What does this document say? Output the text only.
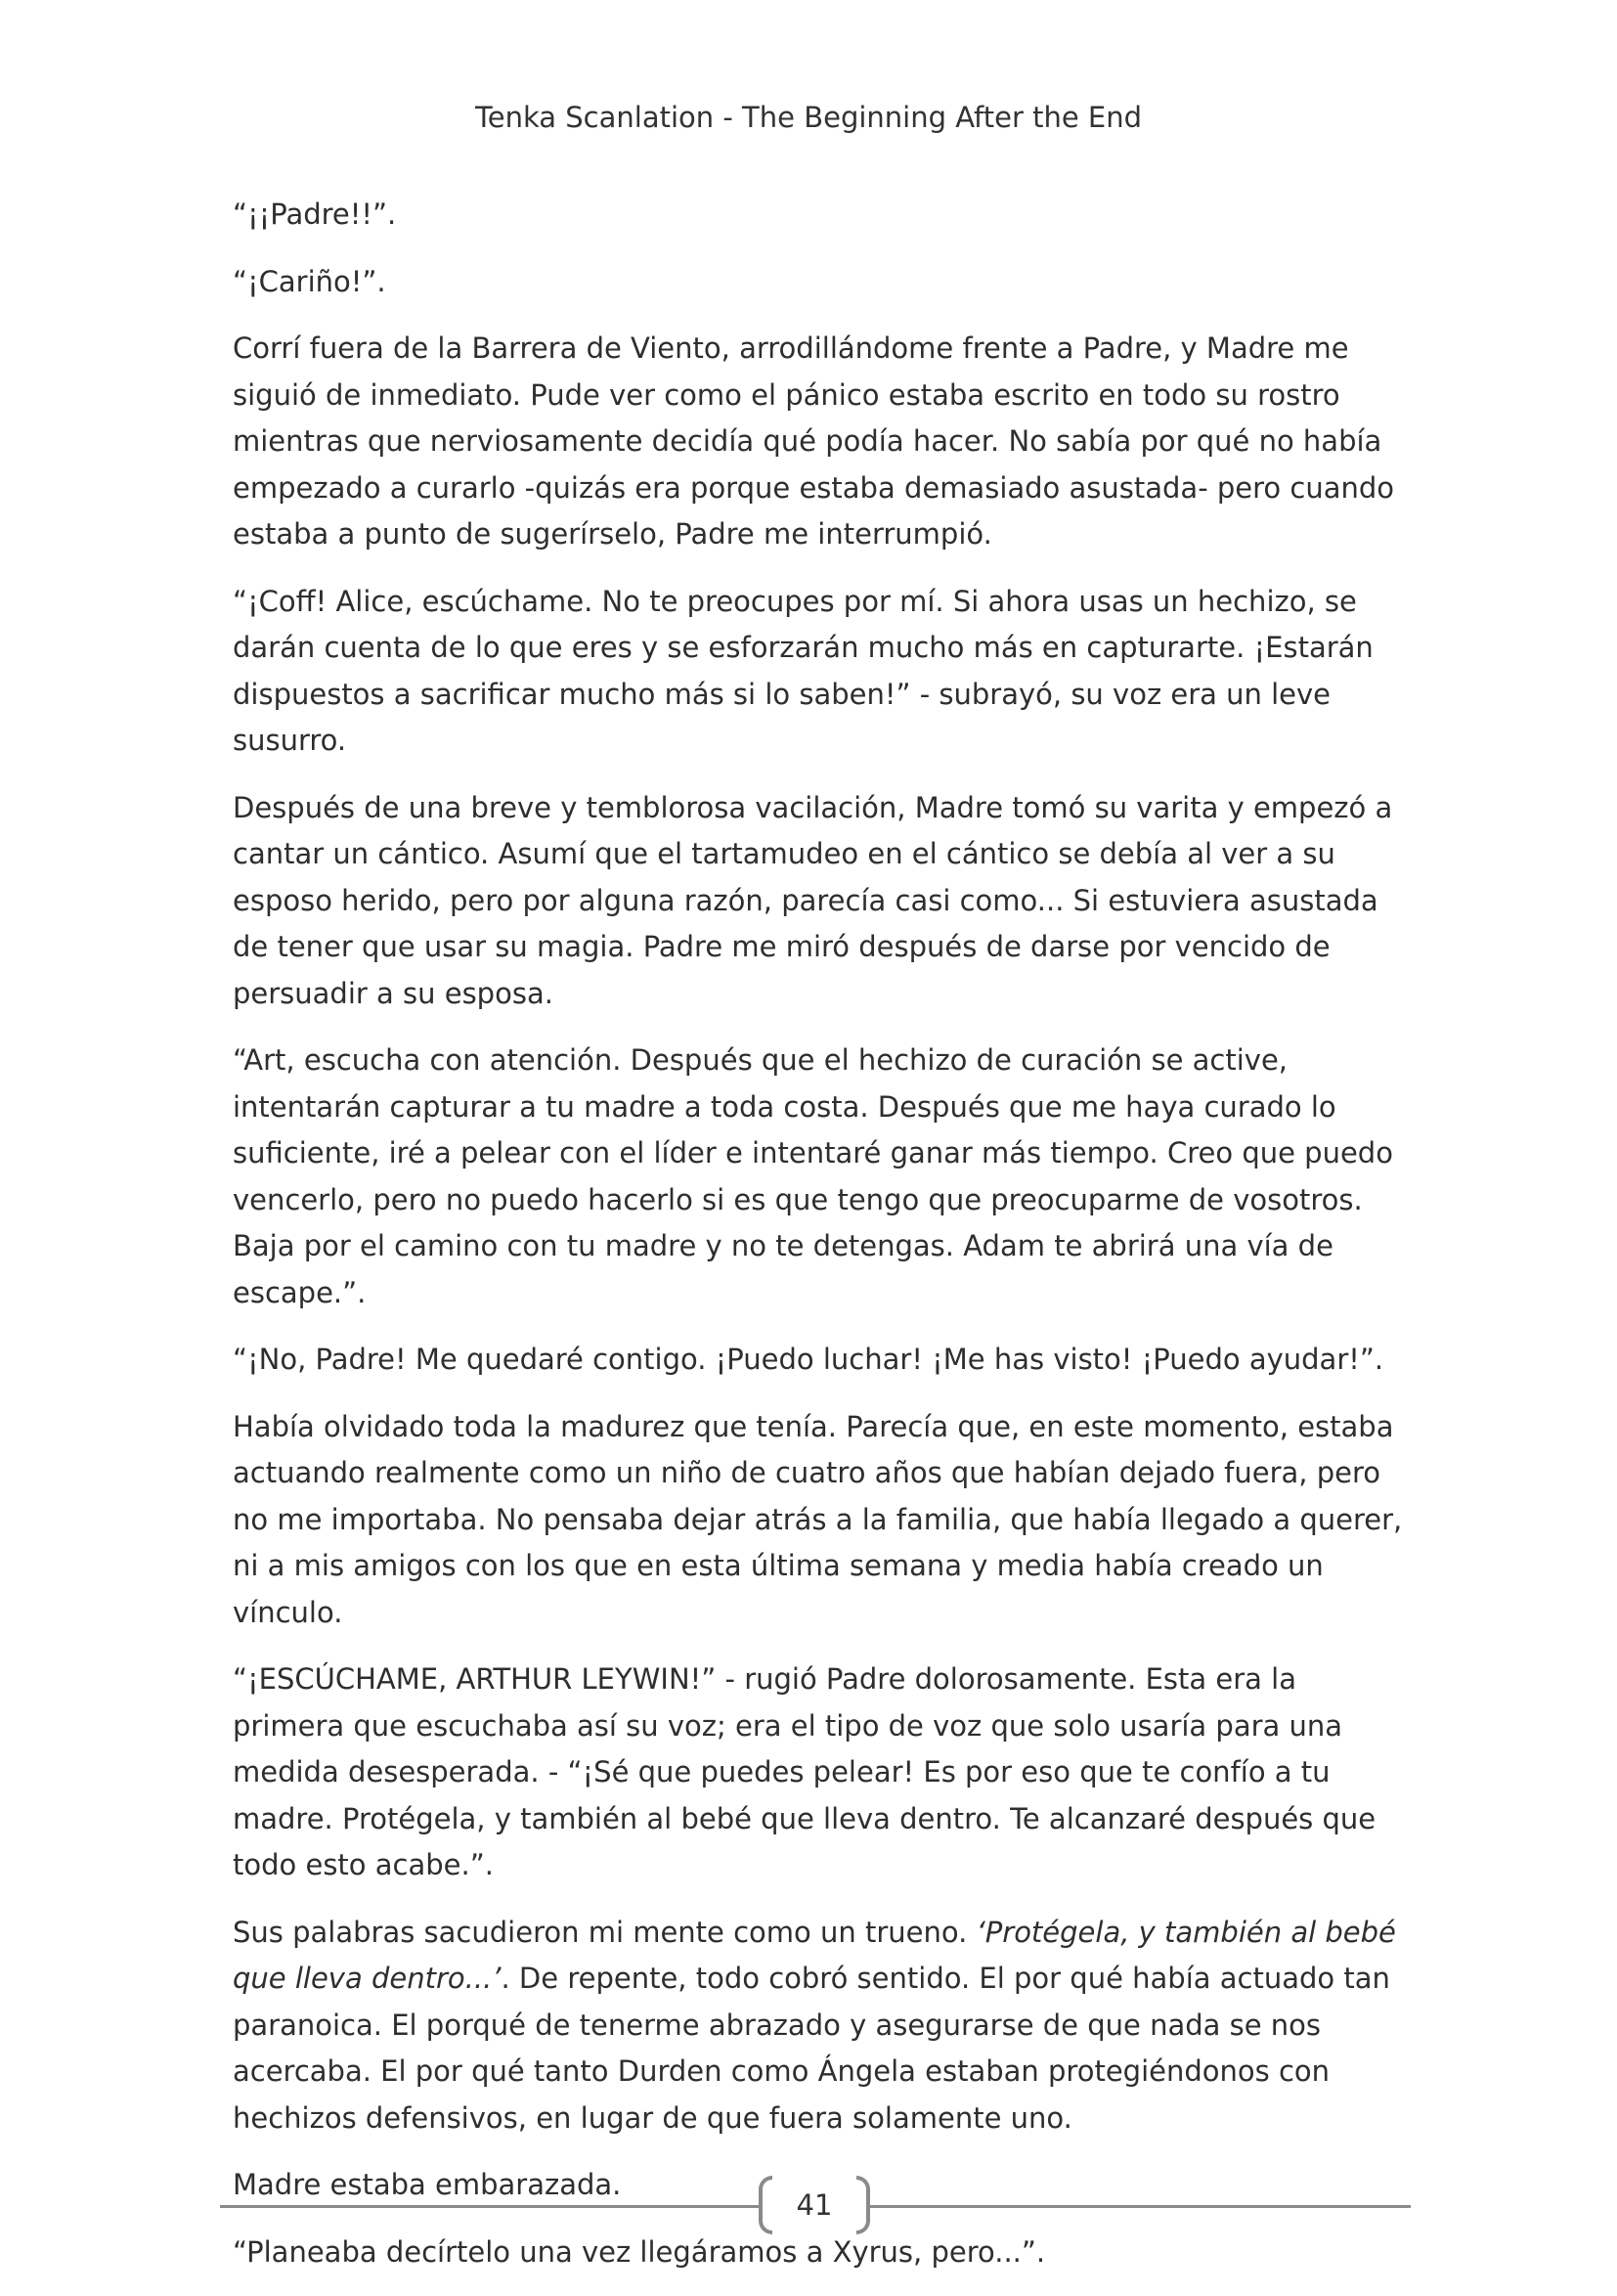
Tenka Scanlation - The Beginning After the End

“¡¡Padre!!”.

“¡Cariño!”.

Corrí fuera de la Barrera de Viento, arrodillándome frente a Padre, y Madre me siguió de inmediato. Pude ver como el pánico estaba escrito en todo su rostro mientras que nerviosamente decidía qué podía hacer. No sabía por qué no había empezado a curarlo -quizás era porque estaba demasiado asustada- pero cuando estaba a punto de sugerírselo, Padre me interrumpió.

“¡Coff! Alice, escúchame. No te preocupes por mí. Si ahora usas un hechizo, se darán cuenta de lo que eres y se esforzarán mucho más en capturarte. ¡Estarán dispuestos a sacrificar mucho más si lo saben!” - subrayó, su voz era un leve susurro.

Después de una breve y temblorosa vacilación, Madre tomó su varita y empezó a cantar un cántico. Asumí que el tartamudeo en el cántico se debía al ver a su esposo herido, pero por alguna razón, parecía casi como... Si estuviera asustada de tener que usar su magia. Padre me miró después de darse por vencido de persuadir a su esposa.

“Art, escucha con atención. Después que el hechizo de curación se active, intentarán capturar a tu madre a toda costa. Después que me haya curado lo suficiente, iré a pelear con el líder e intentaré ganar más tiempo. Creo que puedo vencerlo, pero no puedo hacerlo si es que tengo que preocuparme de vosotros. Baja por el camino con tu madre y no te detengas. Adam te abrirá una vía de escape.”.

“¡No, Padre! Me quedaré contigo. ¡Puedo luchar! ¡Me has visto! ¡Puedo ayudar!”.

Había olvidado toda la madurez que tenía. Parecía que, en este momento, estaba actuando realmente como un niño de cuatro años que habían dejado fuera, pero no me importaba. No pensaba dejar atrás a la familia, que había llegado a querer, ni a mis amigos con los que en esta última semana y media había creado un vínculo.

“¡ESCÚCHAME, ARTHUR LEYWIN!” - rugió Padre dolorosamente. Esta era la primera que escuchaba así su voz; era el tipo de voz que solo usaría para una medida desesperada. - “¡Sé que puedes pelear! Es por eso que te confío a tu madre. Protégela, y también al bebé que lleva dentro. Te alcanzaré después que todo esto acabe.”.

Sus palabras sacudieron mi mente como un trueno. ‘Protégela, y también al bebé que lleva dentro...’. De repente, todo cobró sentido. El por qué había actuado tan paranoica. El porqué de tenerme abrazado y asegurarse de que nada se nos acercaba. El por qué tanto Durden como Ángela estaban protegiéndonos con hechizos defensivos, en lugar de que fuera solamente uno.

Madre estaba embarazada.

“Planeaba decírtelo una vez llegáramos a Xyrus, pero...”.

41
